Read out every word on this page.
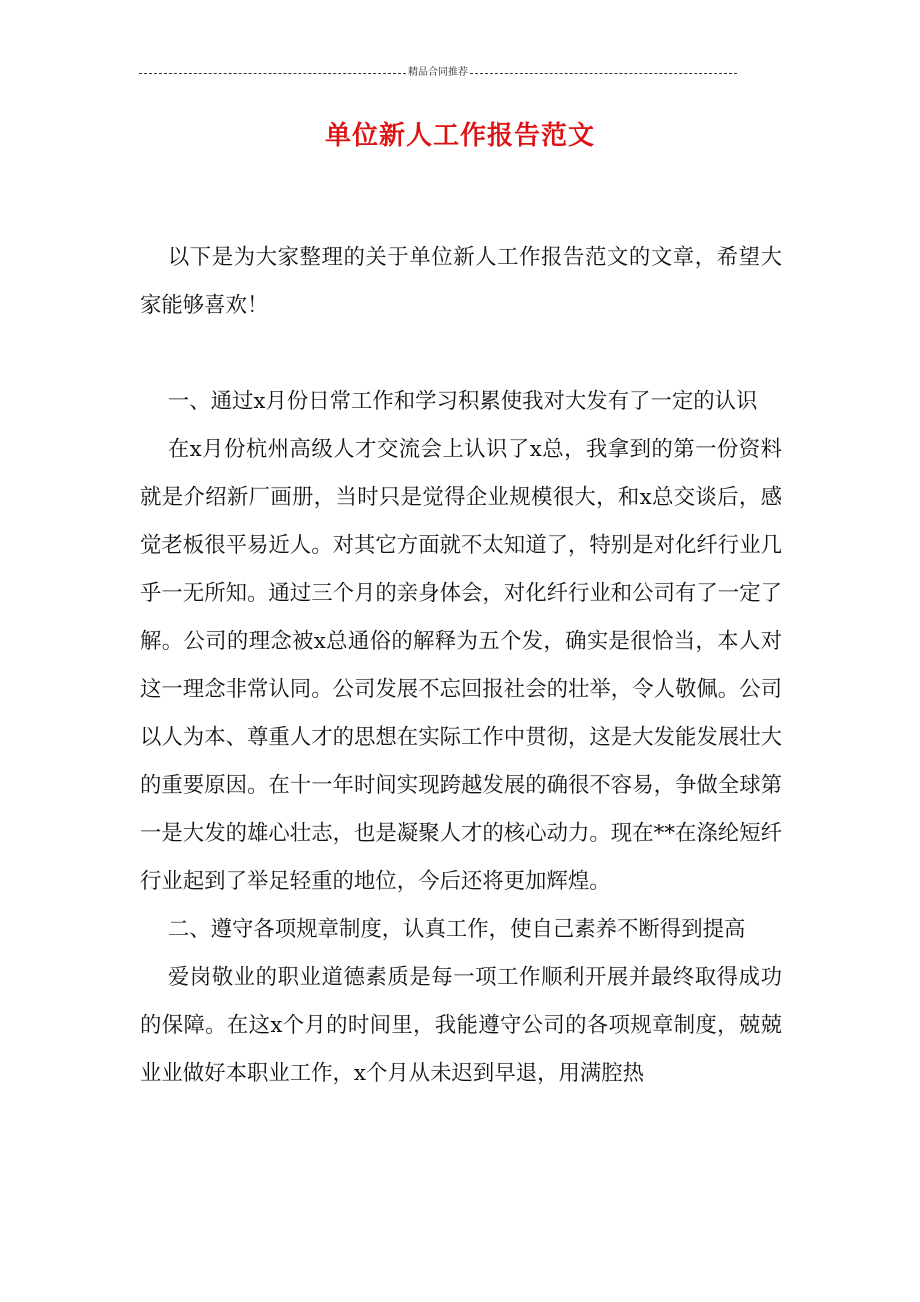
精品合同推荐
单位新人工作报告范文

以下是为大家整理的关于单位新人工作报告范文的文章，希望大家能够喜欢！

一、通过x月份日常工作和学习积累使我对大发有了一定的认识

在x月份杭州高级人才交流会上认识了x总，我拿到的第一份资料就是介绍新厂画册，当时只是觉得企业规模很大，和x总交谈后，感觉老板很平易近人。对其它方面就不太知道了，特别是对化纤行业几乎一无所知。通过三个月的亲身体会，对化纤行业和公司有了一定了解。公司的理念被x总通俗的解释为五个发，确实是很恰当，本人对这一理念非常认同。公司发展不忘回报社会的壮举，令人敬佩。公司以人为本、尊重人才的思想在实际工作中贯彻，这是大发能发展壮大的重要原因。在十一年时间实现跨越发展的确很不容易，争做全球第一是大发的雄心壮志，也是凝聚人才的核心动力。现在**在涤纶短纤行业起到了举足轻重的地位，今后还将更加辉煌。

二、遵守各项规章制度，认真工作，使自己素养不断得到提高

爱岗敬业的职业道德素质是每一项工作顺利开展并最终取得成功的保障。在这x个月的时间里，我能遵守公司的各项规章制度，兢兢业业做好本职业工作，x个月从未迟到早退，用满腔热
